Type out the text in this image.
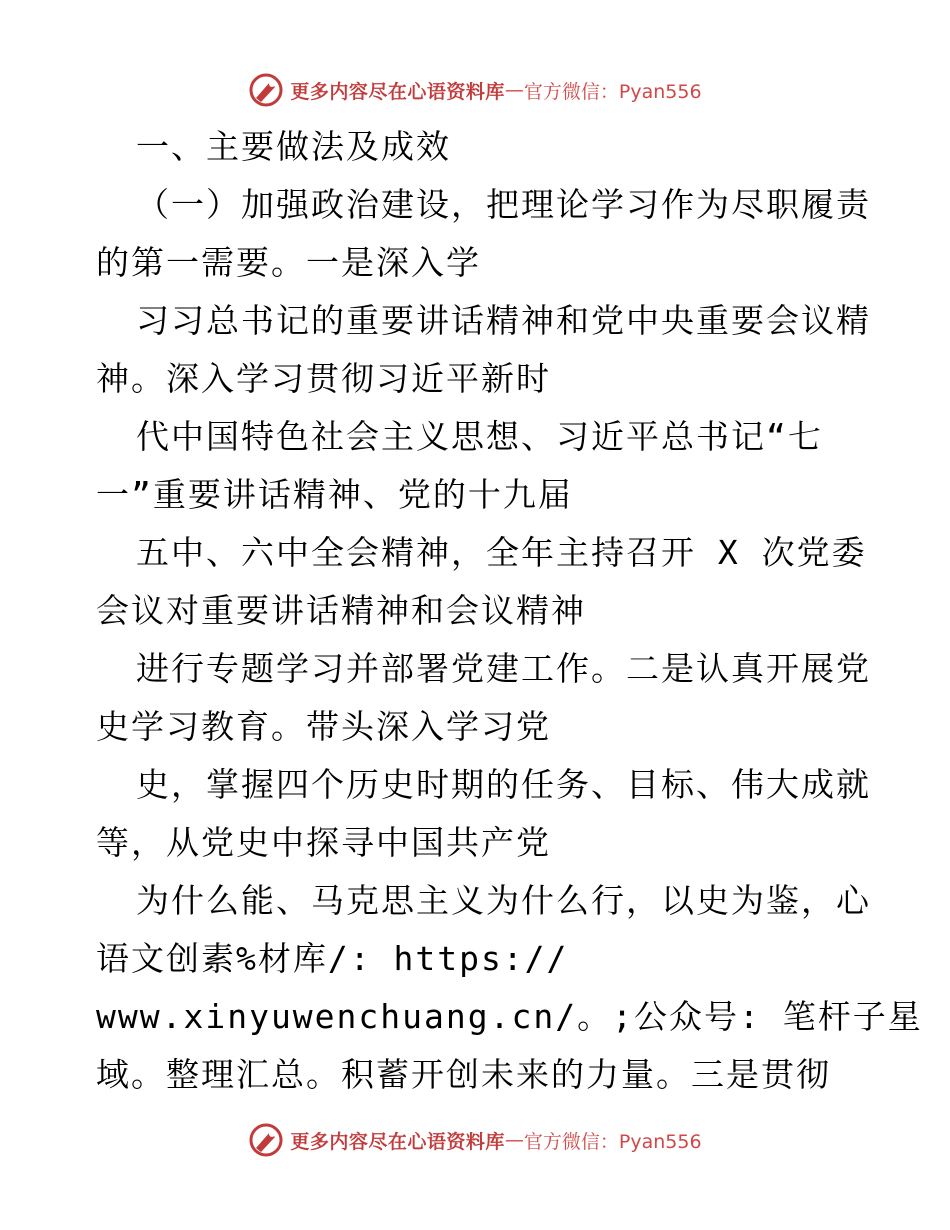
更多内容尽在心语资料库 — 官方微信：Pyan556
一、主要做法及成效
（一）加强政治建设，把理论学习作为尽职履责
的第一需要。一是深入学
习习总书记的重要讲话精神和党中央重要会议精
神。深入学习贯彻习近平新时
代中国特色社会主义思想、习近平总书记“七
一”重要讲话精神、党的十九届
五中、六中全会精神，全年主持召开 X 次党委
会议对重要讲话精神和会议精神
进行专题学习并部署党建工作。二是认真开展党
史学习教育。带头深入学习党
史，掌握四个历史时期的任务、目标、伟大成就
等，从党史中探寻中国共产党
为什么能、马克思主义为什么行，以史为鉴，心
语文创素%材库/: https://
www.xinyuwenchuang.cn/。;公众号: 笔杆子星
域。整理汇总。积蓄开创未来的力量。三是贯彻
更多内容尽在心语资料库 — 官方微信：Pyan556
